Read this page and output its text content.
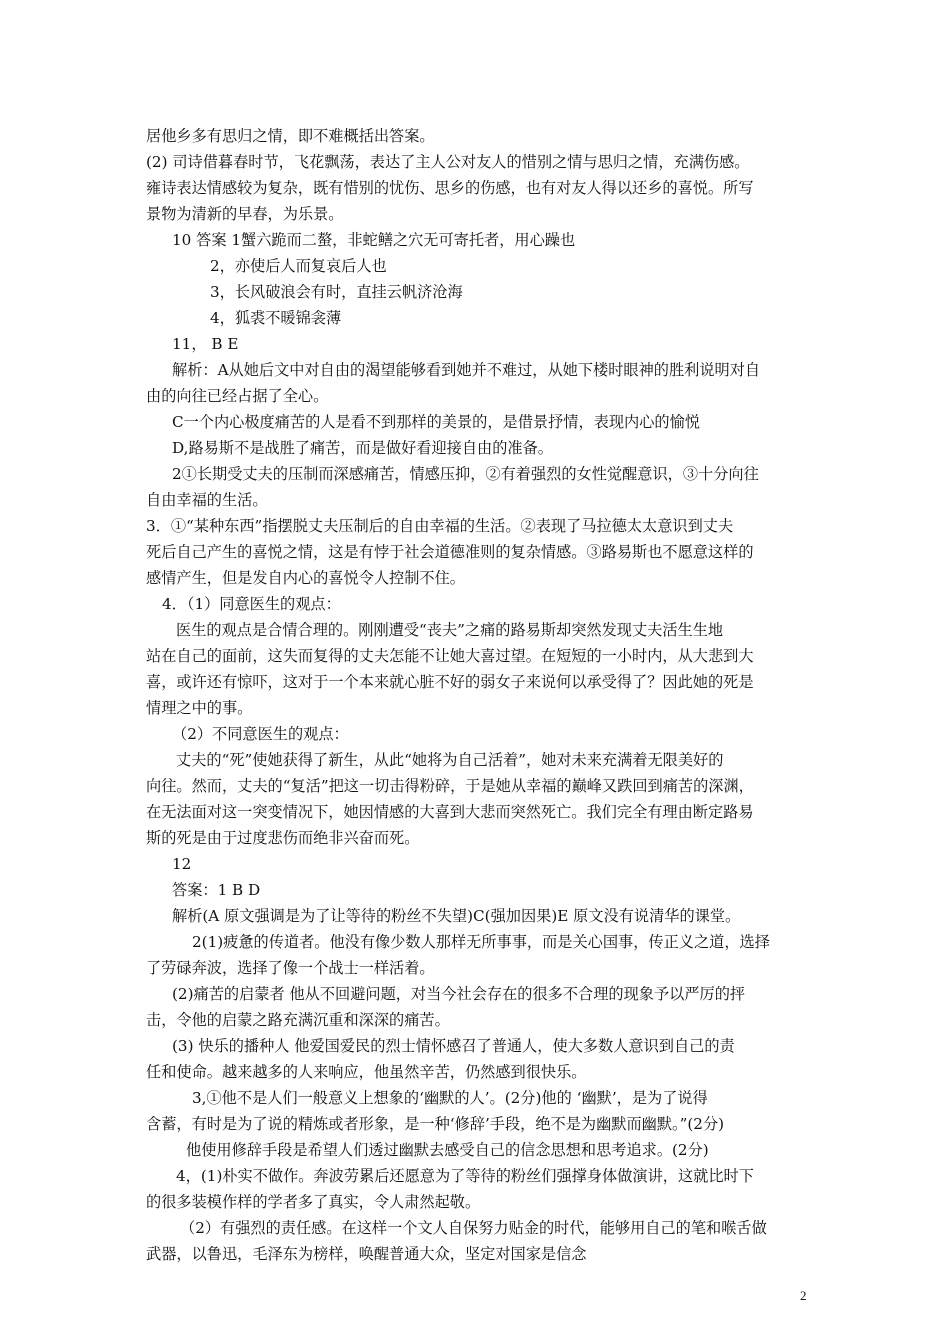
居他乡多有思归之情，即不难概括出答案。
(2) 司诗借暮春时节，飞花飘荡，表达了主人公对友人的惜别之情与思归之情，充满伤感。
雍诗表达情感较为复杂，既有惜别的忧伤、思乡的伤感，也有对友人得以还乡的喜悦。所写
景物为清新的早春，为乐景。
10 答案 1蟹六跪而二螯，非蛇鳝之穴无可寄托者，用心躁也
2，亦使后人而复哀后人也
3，长风破浪会有时，直挂云帆济沧海
4，狐裘不暖锦衾薄
11， B E
解析：A从她后文中对自由的渴望能够看到她并不难过，从她下楼时眼神的胜利说明对自
由的向往已经占据了全心。
C一个内心极度痛苦的人是看不到那样的美景的，是借景抒情，表现内心的愉悦
D,路易斯不是战胜了痛苦，而是做好看迎接自由的准备。
2①长期受丈夫的压制而深感痛苦，情感压抑，②有着强烈的女性觉醒意识，③十分向往
自由幸福的生活。
3．①“某种东西”指摆脱丈夫压制后的自由幸福的生活。②表现了马拉德太太意识到丈夫
死后自己产生的喜悦之情，这是有悖于社会道德准则的复杂情感。③路易斯也不愿意这样的
感情产生，但是发自内心的喜悦令人控制不住。
4．（1）同意医生的观点：
医生的观点是合情合理的。刚刚遭受“丧夫”之痛的路易斯却突然发现丈夫活生生地
站在自己的面前，这失而复得的丈夫怎能不让她大喜过望。在短短的一小时内，从大悲到大
喜，或许还有惊吓，这对于一个本来就心脏不好的弱女子来说何以承受得了？因此她的死是
情理之中的事。
（2）不同意医生的观点：
丈夫的“死”使她获得了新生，从此“她将为自己活着”，她对未来充满着无限美好的
向往。然而，丈夫的“复活”把这一切击得粉碎，于是她从幸福的巅峰又跌回到痛苦的深渊，
在无法面对这一突变情况下，她因情感的大喜到大悲而突然死亡。我们完全有理由断定路易
斯的死是由于过度悲伤而绝非兴奋而死。
12
答案：1 B D
解析(A 原文强调是为了让等待的粉丝不失望)C(强加因果)E 原文没有说清华的课堂。
2(1)疲惫的传道者。他没有像少数人那样无所事事，而是关心国事，传正义之道，选择
了劳碌奔波，选择了像一个战士一样活着。
(2)痛苦的启蒙者 他从不回避问题，对当今社会存在的很多不合理的现象予以严厉的抨
击，令他的启蒙之路充满沉重和深深的痛苦。
(3) 快乐的播种人 他爱国爱民的烈士情怀感召了普通人，使大多数人意识到自己的责
任和使命。越来越多的人来响应，他虽然辛苦，仍然感到很快乐。
3,①他不是人们一般意义上想象的‘幽默的人’。(2分)他的 ‘幽默’，是为了说得
含蓄，有时是为了说的精炼或者形象，是一种‘修辞’手段，绝不是为幽默而幽默。”(2分)
他使用修辞手段是希望人们透过幽默去感受自己的信念思想和思考追求。(2分)
4，(1)朴实不做作。奔波劳累后还愿意为了等待的粉丝们强撑身体做演讲，这就比时下
的很多装模作样的学者多了真实，令人肃然起敬。
（2）有强烈的责任感。在这样一个文人自保努力贴金的时代，能够用自己的笔和喉舌做
武器，以鲁迅，毛泽东为榜样，唤醒普通大众，坚定对国家是信念
2
